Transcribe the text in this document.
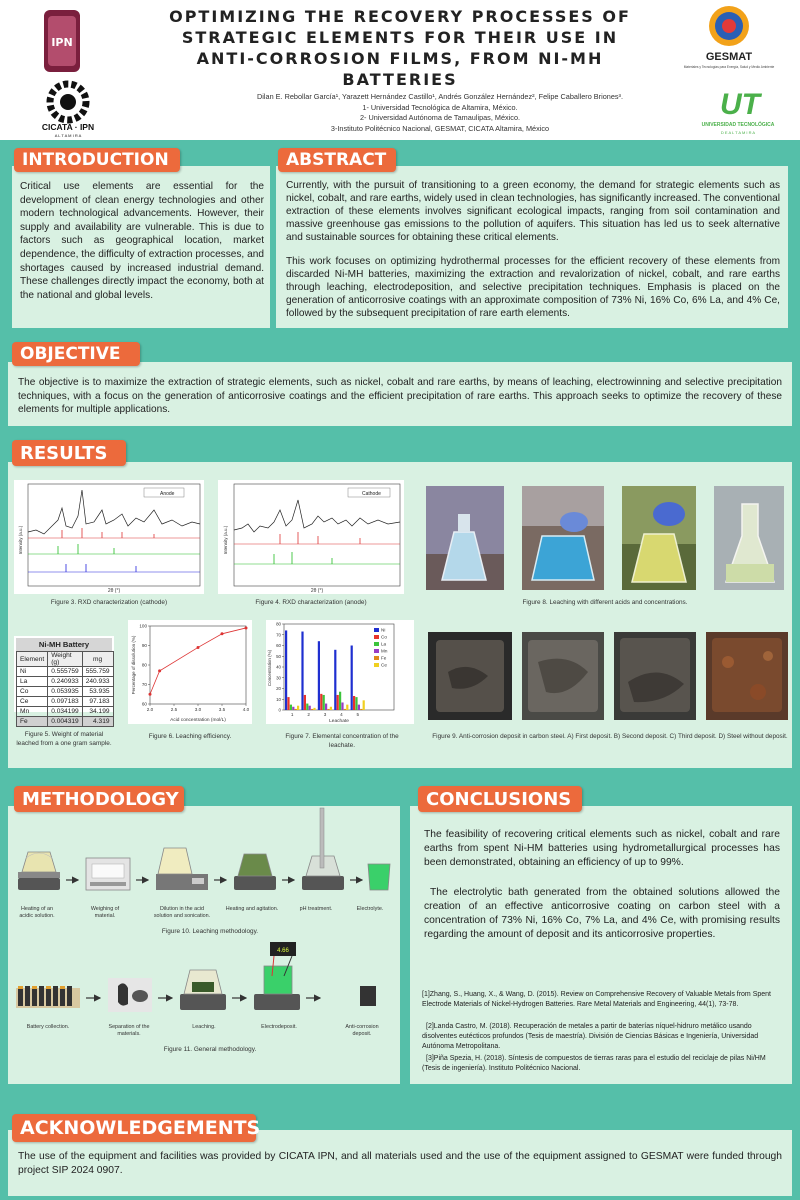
IPN
CICATA · IPN
A L T A M I R A
GESMAT
Materiales y Tecnologías para Energía, Salud y Medio Ambiente
UT
UNIVERSIDAD TECNOLÓGICA
D E A L T A M I R A
OPTIMIZING THE RECOVERY PROCESSES OF
STRATEGIC ELEMENTS FOR THEIR USE IN
ANTI-CORROSION FILMS, FROM NI-MH
BATTERIES
Dilan E. Rebollar García¹, Yarazett Hernández Castillo¹, Andrés González Hernández², Felipe Caballero Briones³.
1- Universidad Tecnológica de Altamira, México.
2- Universidad Autónoma de Tamaulipas, México.
3-Instituto Politécnico Nacional, GESMAT, CICATA Altamira, México
INTRODUCTION	ABSTRACT
Critical use elements are essential for the development of clean energy technologies and other modern technological advancements. However, their supply and availability are vulnerable. This is due to factors such as geographical location, market dependence, the difficulty of extraction processes, and shortages caused by increased industrial demand. These challenges directly impact the economy, both at the national and global levels.
Currently, with the pursuit of transitioning to a green economy, the demand for strategic elements such as nickel, cobalt, and rare earths, widely used in clean technologies, has significantly increased. The conventional extraction of these elements involves significant ecological impacts, ranging from soil contamination and massive greenhouse gas emissions to the pollution of aquifers. This situation has led us to seek alternative and sustainable sources for obtaining these critical elements.
This work focuses on optimizing hydrothermal processes for the efficient recovery of these elements from discarded Ni-MH batteries, maximizing the extraction and revalorization of nickel, cobalt, and rare earths through leaching, electrodeposition, and selective precipitation techniques. Emphasis is placed on the generation of anticorrosive coatings with an approximate composition of 73% Ni, 16% Co, 6% La, and 4% Ce, followed by the subsequent precipitation of rare earth elements.
OBJECTIVE
The objective is to maximize the extraction of strategic elements, such as nickel, cobalt and rare earths, by means of leaching, electrowinning and selective precipitation techniques, with a focus on the generation of anticorrosive coatings and the efficient precipitation of rare earths. This approach seeks to optimize the recovery of these elements for multiple applications.
RESULTS
Anode
2θ (°)
Intensity (a.u.)
Figure 3. RXD characterization (cathode)
Cathode
2θ (°)
Intensity (a.u.)
Figure 4. RXD characterization (anode)	Figure 8. Leaching with different acids and concentrations.
Ni-MH Battery
Element	Weight (g)	mg
Ni	0.555759	555.759
La	0.240933	240.933
Co	0.053935	53.935
Ce	0.097183	97.183
Mn	0.034199	34.199
Fe	0.004319	4.319
Figure 5. Weight of material leached from a one gram sample.
2.0	2.5	3.0	3.5	4.0
60
70
80
90
100
Acid concentration (mol/L)
Percentage of dissolution (%)
Figure 6. Leaching efficiency.
0
10
20
30
40
50
60
70
80
1	2	3	4	5
Ni
Co
La
Mn
Fe
Ce
Leachate
Concentration (%)
Figure 7. Elemental concentration of the leachate.
Figure 9. Anti-corrosion deposit in carbon steel. A) First deposit. B) Second deposit. C) Third deposit. D) Steel without deposit.
METHODOLOGY	CONCLUSIONS
Heating of an acidic solution.
Weighing of material.
Dilution in the acid solution and sonication.
Heating and agitation.	pH treatment.	Electrolyte.
Figure 10. Leaching methodology.
4.66
Battery collection.	Separation of the materials.
Leaching.	Electrodeposit.	Anti-corrosion deposit.
Figure 11. General methodology.
The feasibility of recovering critical elements such as nickel, cobalt and rare earths from spent Ni-HM batteries using hydrometallurgical processes has been demonstrated, obtaining an efficiency of up to 99%.
The electrolytic bath generated from the obtained solutions allowed the creation of an effective anticorrosive coating on carbon steel with a concentration of 73% Ni, 16% Co, 7% La, and 4% Ce, with promising results regarding the amount of deposit and its anticorrosive properties.
[1]Zhang, S., Huang, X., & Wang, D. (2015). Review on Comprehensive Recovery of Valuable Metals from Spent Electrode Materials of Nickel-Hydrogen Batteries. Rare Metal Materials and Engineering, 44(1), 73-78.
[2]Landa Castro, M. (2018). Recuperación de metales a partir de baterías níquel-hidruro metálico usando disolventes eutécticos profundos (Tesis de maestría). División de Ciencias Básicas e Ingeniería, Universidad Autónoma Metropolitana.
[3]Piña Spezia, H. (2018). Síntesis de compuestos de tierras raras para el estudio del reciclaje de pilas Ni/HM (Tesis de ingeniería). Instituto Politécnico Nacional.
ACKNOWLEDGEMENTS
The use of the equipment and facilities was provided by CICATA IPN, and all materials used and the use of the equipment assigned to GESMAT were funded through project SIP 2024 0907.
